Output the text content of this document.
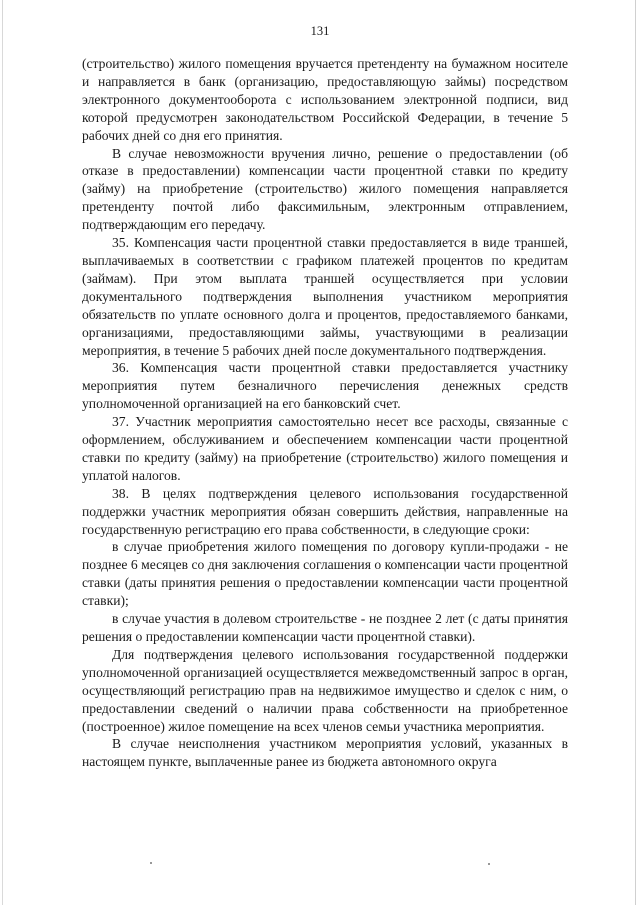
131

(строительство) жилого помещения вручается претенденту на бумажном носителе и направляется в банк (организацию, предоставляющую займы) посредством электронного документооборота с использованием электронной подписи, вид которой предусмотрен законодательством Российской Федерации, в течение 5 рабочих дней со дня его принятия.

В случае невозможности вручения лично, решение о предоставлении (об отказе в предоставлении) компенсации части процентной ставки по кредиту (займу) на приобретение (строительство) жилого помещения направляется претенденту почтой либо факсимильным, электронным отправлением, подтверждающим его передачу.

35. Компенсация части процентной ставки предоставляется в виде траншей, выплачиваемых в соответствии с графиком платежей процентов по кредитам (займам). При этом выплата траншей осуществляется при условии документального подтверждения выполнения участником мероприятия обязательств по уплате основного долга и процентов, предоставляемого банками, организациями, предоставляющими займы, участвующими в реализации мероприятия, в течение 5 рабочих дней после документального подтверждения.

36. Компенсация части процентной ставки предоставляется участнику мероприятия путем безналичного перечисления денежных средств уполномоченной организацией на его банковский счет.

37. Участник мероприятия самостоятельно несет все расходы, связанные с оформлением, обслуживанием и обеспечением компенсации части процентной ставки по кредиту (займу) на приобретение (строительство) жилого помещения и уплатой налогов.

38. В целях подтверждения целевого использования государственной поддержки участник мероприятия обязан совершить действия, направленные на государственную регистрацию его права собственности, в следующие сроки:

в случае приобретения жилого помещения по договору купли-продажи - не позднее 6 месяцев со дня заключения соглашения о компенсации части процентной ставки (даты принятия решения о предоставлении компенсации части процентной ставки);

в случае участия в долевом строительстве - не позднее 2 лет (с даты принятия решения о предоставлении компенсации части процентной ставки).

Для подтверждения целевого использования государственной поддержки уполномоченной организацией осуществляется межведомственный запрос в орган, осуществляющий регистрацию прав на недвижимое имущество и сделок с ним, о предоставлении сведений о наличии права собственности на приобретенное (построенное) жилое помещение на всех членов семьи участника мероприятия.

В случае неисполнения участником мероприятия условий, указанных в настоящем пункте, выплаченные ранее из бюджета автономного округа
